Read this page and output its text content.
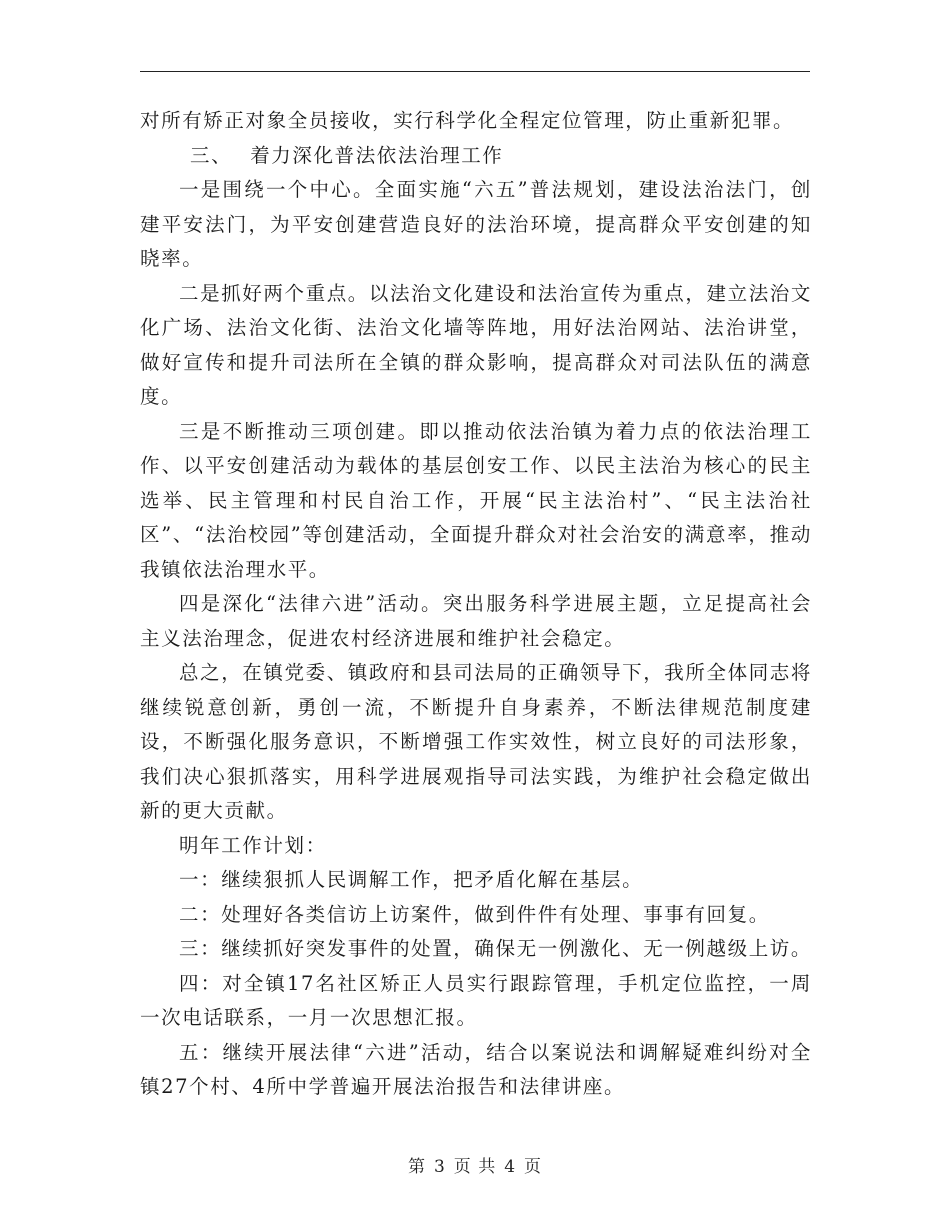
对所有矫正对象全员接收，实行科学化全程定位管理，防止重新犯罪。

三、 着力深化普法依法治理工作

一是围绕一个中心。全面实施“六五”普法规划，建设法治法门，创建平安法门，为平安创建营造良好的法治环境，提高群众平安创建的知晓率。

二是抓好两个重点。以法治文化建设和法治宣传为重点，建立法治文化广场、法治文化街、法治文化墙等阵地，用好法治网站、法治讲堂，做好宣传和提升司法所在全镇的群众影响，提高群众对司法队伍的满意度。

三是不断推动三项创建。即以推动依法治镇为着力点的依法治理工作、以平安创建活动为载体的基层创安工作、以民主法治为核心的民主选举、民主管理和村民自治工作，开展“民主法治村”、“民主法治社区”、“法治校园”等创建活动，全面提升群众对社会治安的满意率，推动我镇依法治理水平。

四是深化“法律六进”活动。突出服务科学进展主题，立足提高社会主义法治理念，促进农村经济进展和维护社会稳定。

总之，在镇党委、镇政府和县司法局的正确领导下，我所全体同志将继续锐意创新，勇创一流，不断提升自身素养，不断法律规范制度建设，不断强化服务意识，不断增强工作实效性，树立良好的司法形象，我们决心狠抓落实，用科学进展观指导司法实践，为维护社会稳定做出新的更大贡献。

明年工作计划：

一：继续狠抓人民调解工作，把矛盾化解在基层。

二：处理好各类信访上访案件，做到件件有处理、事事有回复。

三：继续抓好突发事件的处置，确保无一例激化、无一例越级上访。

四：对全镇17名社区矫正人员实行跟踪管理，手机定位监控，一周一次电话联系，一月一次思想汇报。

五：继续开展法律“六进”活动，结合以案说法和调解疑难纠纷对全镇27个村、4所中学普遍开展法治报告和法律讲座。

第 3 页 共 4 页
